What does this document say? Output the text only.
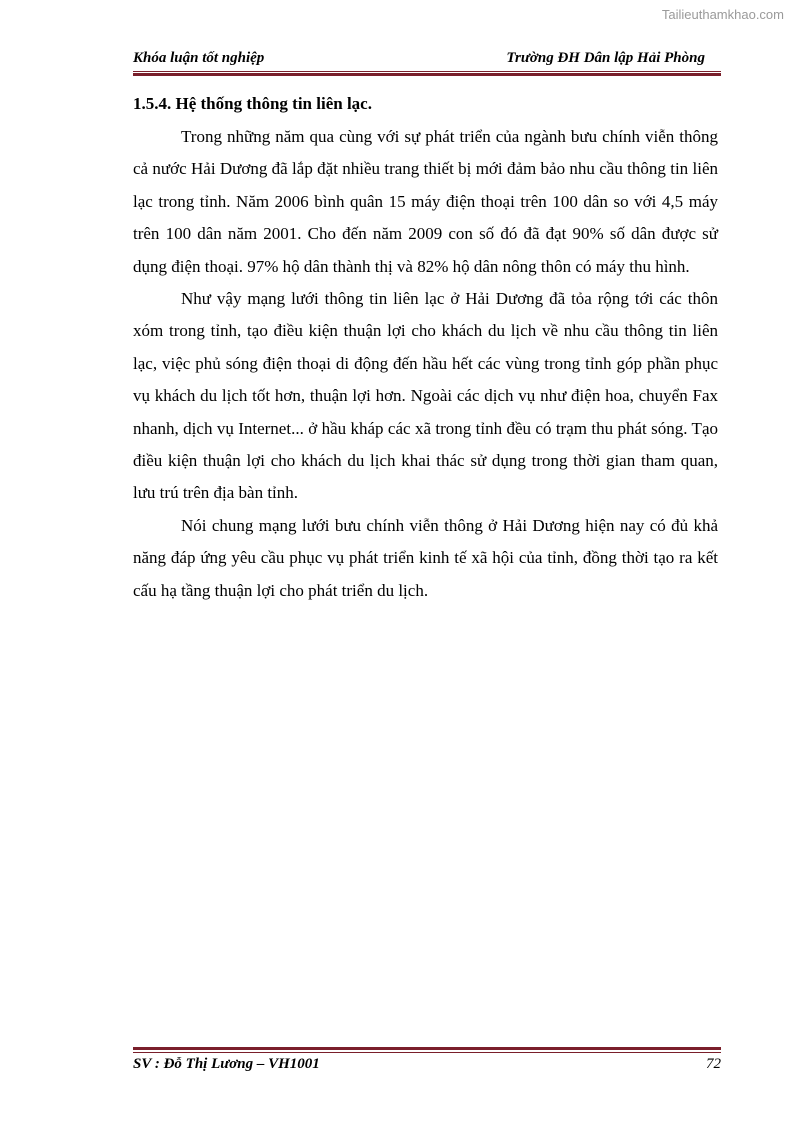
Tailieuthamkhao.com
Khóa luận tốt nghiệp	Trường ĐH Dân lập Hải Phòng
1.5.4. Hệ thống thông tin liên lạc.

Trong những năm qua cùng với sự phát triển của ngành bưu chính viễn thông cả nước Hải Dương đã lắp đặt nhiều trang thiết bị mới đảm bảo nhu cầu thông tin liên lạc trong tỉnh. Năm 2006 bình quân 15 máy điện thoại trên 100 dân so với 4,5 máy trên 100 dân năm 2001. Cho đến năm 2009 con số đó đã đạt 90% số dân được sử dụng điện thoại. 97% hộ dân thành thị và 82% hộ dân nông thôn có máy thu hình.

Như vậy mạng lưới thông tin liên lạc ở Hải Dương đã tỏa rộng tới các thôn xóm trong tỉnh, tạo điều kiện thuận lợi cho khách du lịch về nhu cầu thông tin liên lạc, việc phủ sóng điện thoại di động đến hầu hết các vùng trong tỉnh góp phần phục vụ khách du lịch tốt hơn, thuận lợi hơn. Ngoài các dịch vụ như điện hoa, chuyển Fax nhanh, dịch vụ Internet... ở hầu kháp các xã trong tỉnh đều có trạm thu phát sóng. Tạo điều kiện thuận lợi cho khách du lịch khai thác sử dụng trong thời gian tham quan, lưu trú trên địa bàn tỉnh.

Nói chung mạng lưới bưu chính viễn thông ở Hải Dương hiện nay có đủ khả năng đáp ứng yêu cầu phục vụ phát triển kinh tế xã hội của tỉnh, đồng thời tạo ra kết cấu hạ tầng thuận lợi cho phát triển du lịch.

SV : Đỗ Thị Lương – VH1001	72
